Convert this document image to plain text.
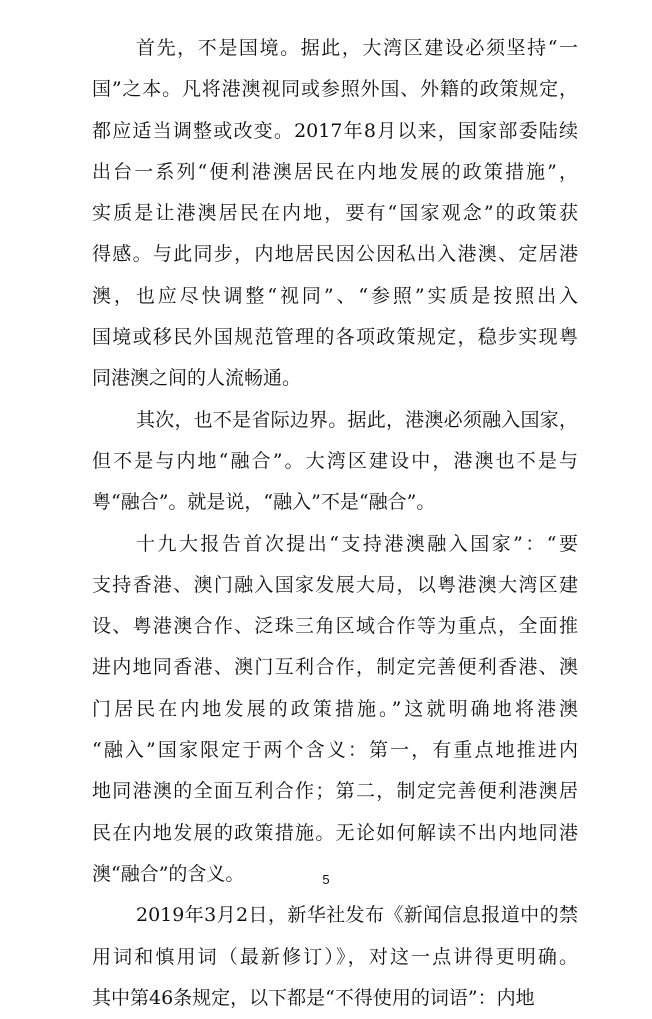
首先，不是国境。据此，大湾区建设必须坚持“一
国”之本。凡将港澳视同或参照外国、外籍的政策规定，
都应适当调整或改变。2017年8月以来，国家部委陆续
出台一系列“便利港澳居民在内地发展的政策措施”，
实质是让港澳居民在内地，要有“国家观念”的政策获
得感。与此同步，内地居民因公因私出入港澳、定居港
澳，也应尽快调整“视同”、“参照”实质是按照出入
国境或移民外国规范管理的各项政策规定，稳步实现粤
同港澳之间的人流畅通。
其次，也不是省际边界。据此，港澳必须融入国家，
但不是与内地“融合”。大湾区建设中，港澳也不是与
粤“融合”。就是说，“融入”不是“融合”。
十九大报告首次提出“支持港澳融入国家”：“要
支持香港、澳门融入国家发展大局，以粤港澳大湾区建
设、粤港澳合作、泛珠三角区域合作等为重点，全面推
进内地同香港、澳门互利合作，制定完善便利香港、澳
门居民在内地发展的政策措施。”这就明确地将港澳
“融入”国家限定于两个含义：第一，有重点地推进内
地同港澳的全面互利合作；第二，制定完善便利港澳居
民在内地发展的政策措施。无论如何解读不出内地同港
澳“融合”的含义。
2019年3月2日，新华社发布《新闻信息报道中的禁
用词和慎用词（最新修订）》，对这一点讲得更明确。
其中第46条规定，以下都是“不得使用的词语”：内地
5
